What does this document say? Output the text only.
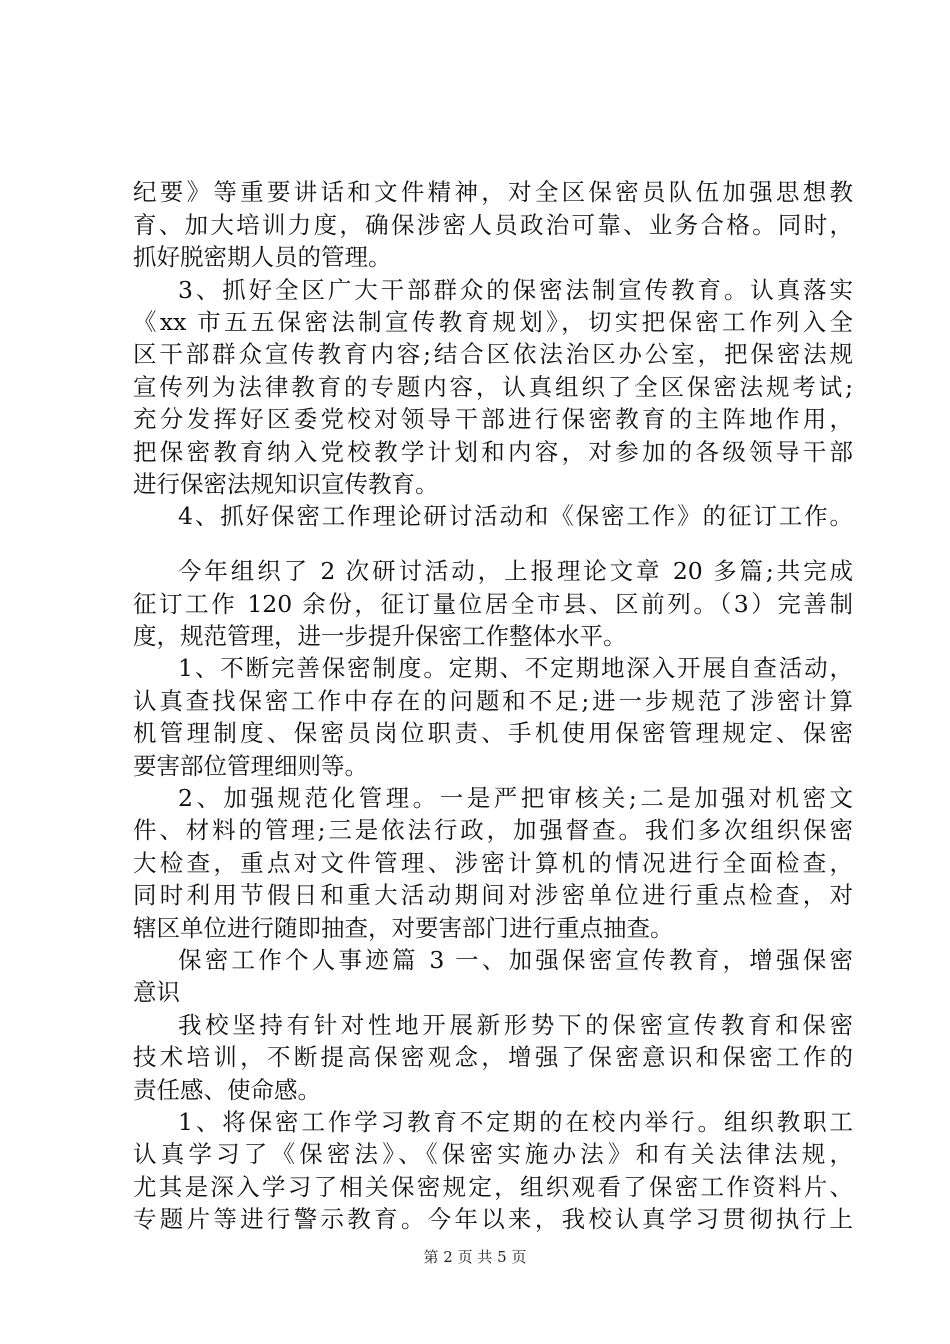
纪要》等重要讲话和文件精神，对全区保密员队伍加强思想教
育、加大培训力度，确保涉密人员政治可靠、业务合格。同时，
抓好脱密期人员的管理。
3、抓好全区广大干部群众的保密法制宣传教育。认真落实
《xx 市五五保密法制宣传教育规划》，切实把保密工作列入全
区干部群众宣传教育内容;结合区依法治区办公室，把保密法规
宣传列为法律教育的专题内容，认真组织了全区保密法规考试;
充分发挥好区委党校对领导干部进行保密教育的主阵地作用，
把保密教育纳入党校教学计划和内容，对参加的各级领导干部
进行保密法规知识宣传教育。
4、抓好保密工作理论研讨活动和《保密工作》的征订工作。
今年组织了 2 次研讨活动，上报理论文章 20 多篇;共完成
征订工作 120 余份，征订量位居全市县、区前列。（3）完善制
度，规范管理，进一步提升保密工作整体水平。
1、不断完善保密制度。定期、不定期地深入开展自查活动，
认真查找保密工作中存在的问题和不足;进一步规范了涉密计算
机管理制度、保密员岗位职责、手机使用保密管理规定、保密
要害部位管理细则等。
2、加强规范化管理。一是严把审核关;二是加强对机密文
件、材料的管理;三是依法行政，加强督查。我们多次组织保密
大检查，重点对文件管理、涉密计算机的情况进行全面检查，
同时利用节假日和重大活动期间对涉密单位进行重点检查，对
辖区单位进行随即抽查，对要害部门进行重点抽查。
保密工作个人事迹篇 3 一、加强保密宣传教育，增强保密
意识
我校坚持有针对性地开展新形势下的保密宣传教育和保密
技术培训，不断提高保密观念，增强了保密意识和保密工作的
责任感、使命感。
1、将保密工作学习教育不定期的在校内举行。组织教职工
认真学习了《保密法》、《保密实施办法》和有关法律法规，
尤其是深入学习了相关保密规定，组织观看了保密工作资料片、
专题片等进行警示教育。今年以来，我校认真学习贯彻执行上
第 2 页 共 5 页
